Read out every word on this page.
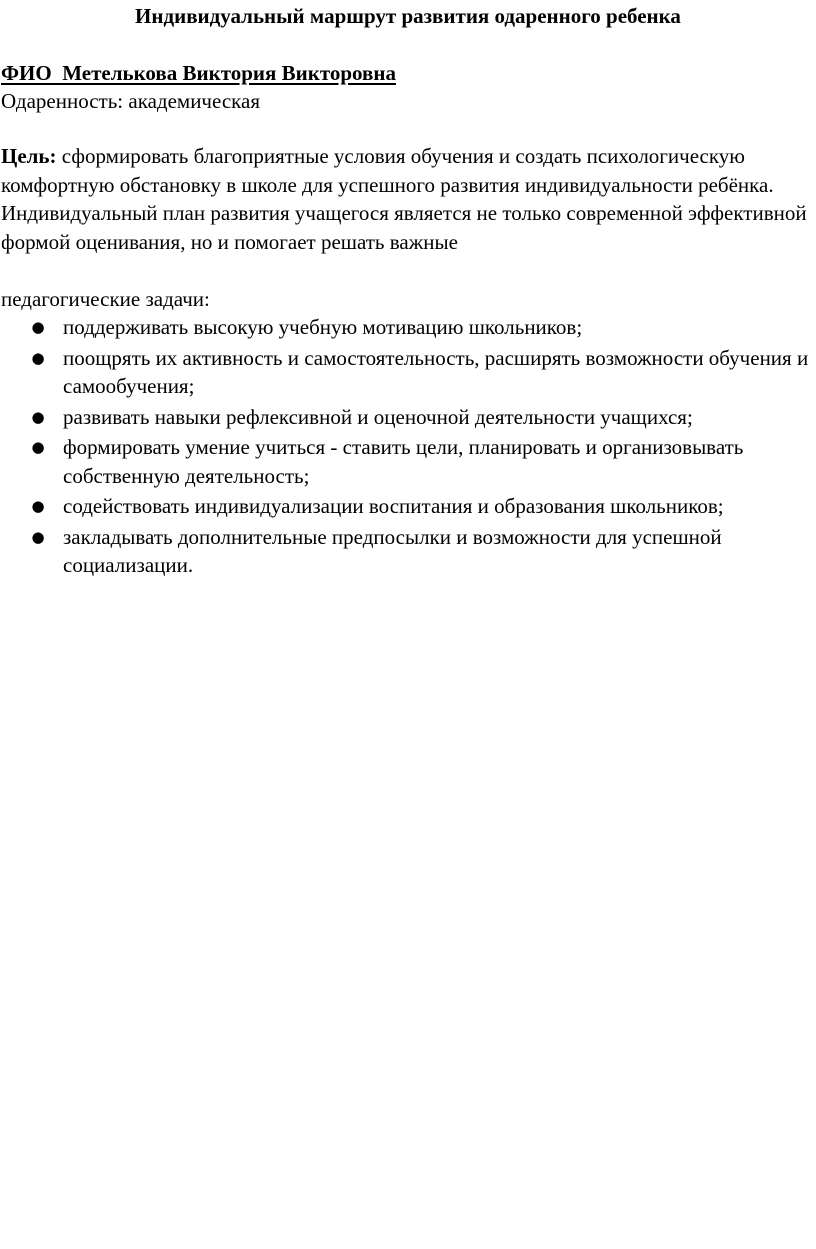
Индивидуальный маршрут развития одаренного ребенка

ФИО  Метелькова Виктория Викторовна

Одаренность: академическая

Цель: сформировать благоприятные условия обучения и создать психологическую комфортную обстановку в школе для успешного развития индивидуальности ребёнка. Индивидуальный план развития учащегося является не только современной эффективной формой оценивания, но и помогает решать важные

педагогические задачи:

● поддерживать высокую учебную мотивацию школьников;
● поощрять их активность и самостоятельность, расширять возможности обучения и самообучения;
● развивать навыки рефлексивной и оценочной деятельности учащихся;
● формировать умение учиться - ставить цели, планировать и организовывать собственную деятельность;
● содействовать индивидуализации воспитания и образования школьников;
● закладывать дополнительные предпосылки и возможности для успешной социализации.
